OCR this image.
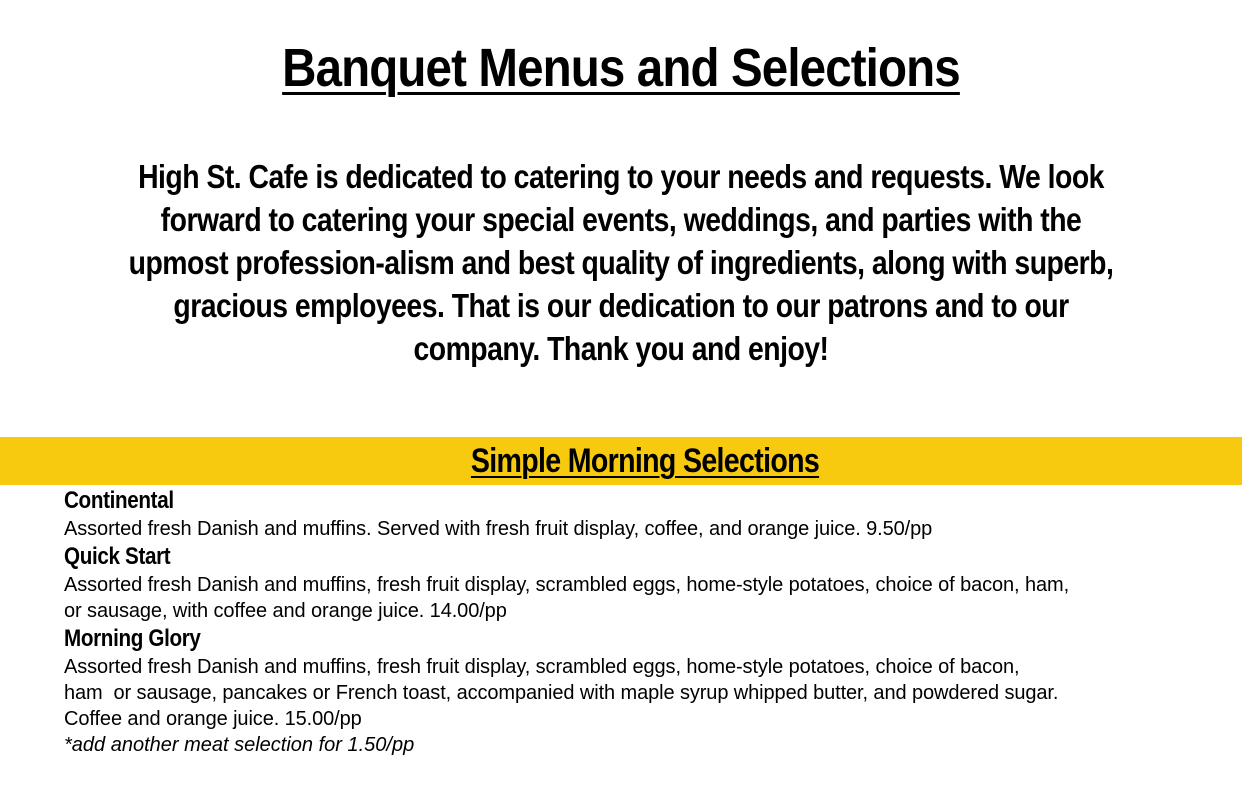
Banquet Menus and Selections
High St. Cafe is dedicated to catering to your needs and requests. We look forward to catering your special events, weddings, and parties with the upmost profession-alism and best quality of ingredients, along with superb, gracious employees. That is our dedication to our patrons and to our company. Thank you and enjoy!
Simple Morning Selections
Continental
Assorted fresh Danish and muffins. Served with fresh fruit display, coffee, and orange juice. 9.50/pp
Quick Start
Assorted fresh Danish and muffins, fresh fruit display, scrambled eggs, home-style potatoes, choice of bacon, ham,
or sausage, with coffee and orange juice. 14.00/pp
Morning Glory
Assorted fresh Danish and muffins, fresh fruit display, scrambled eggs, home-style potatoes, choice of bacon,
ham  or sausage, pancakes or French toast, accompanied with maple syrup whipped butter, and powdered sugar.
Coffee and orange juice. 15.00/pp
*add another meat selection for 1.50/pp
